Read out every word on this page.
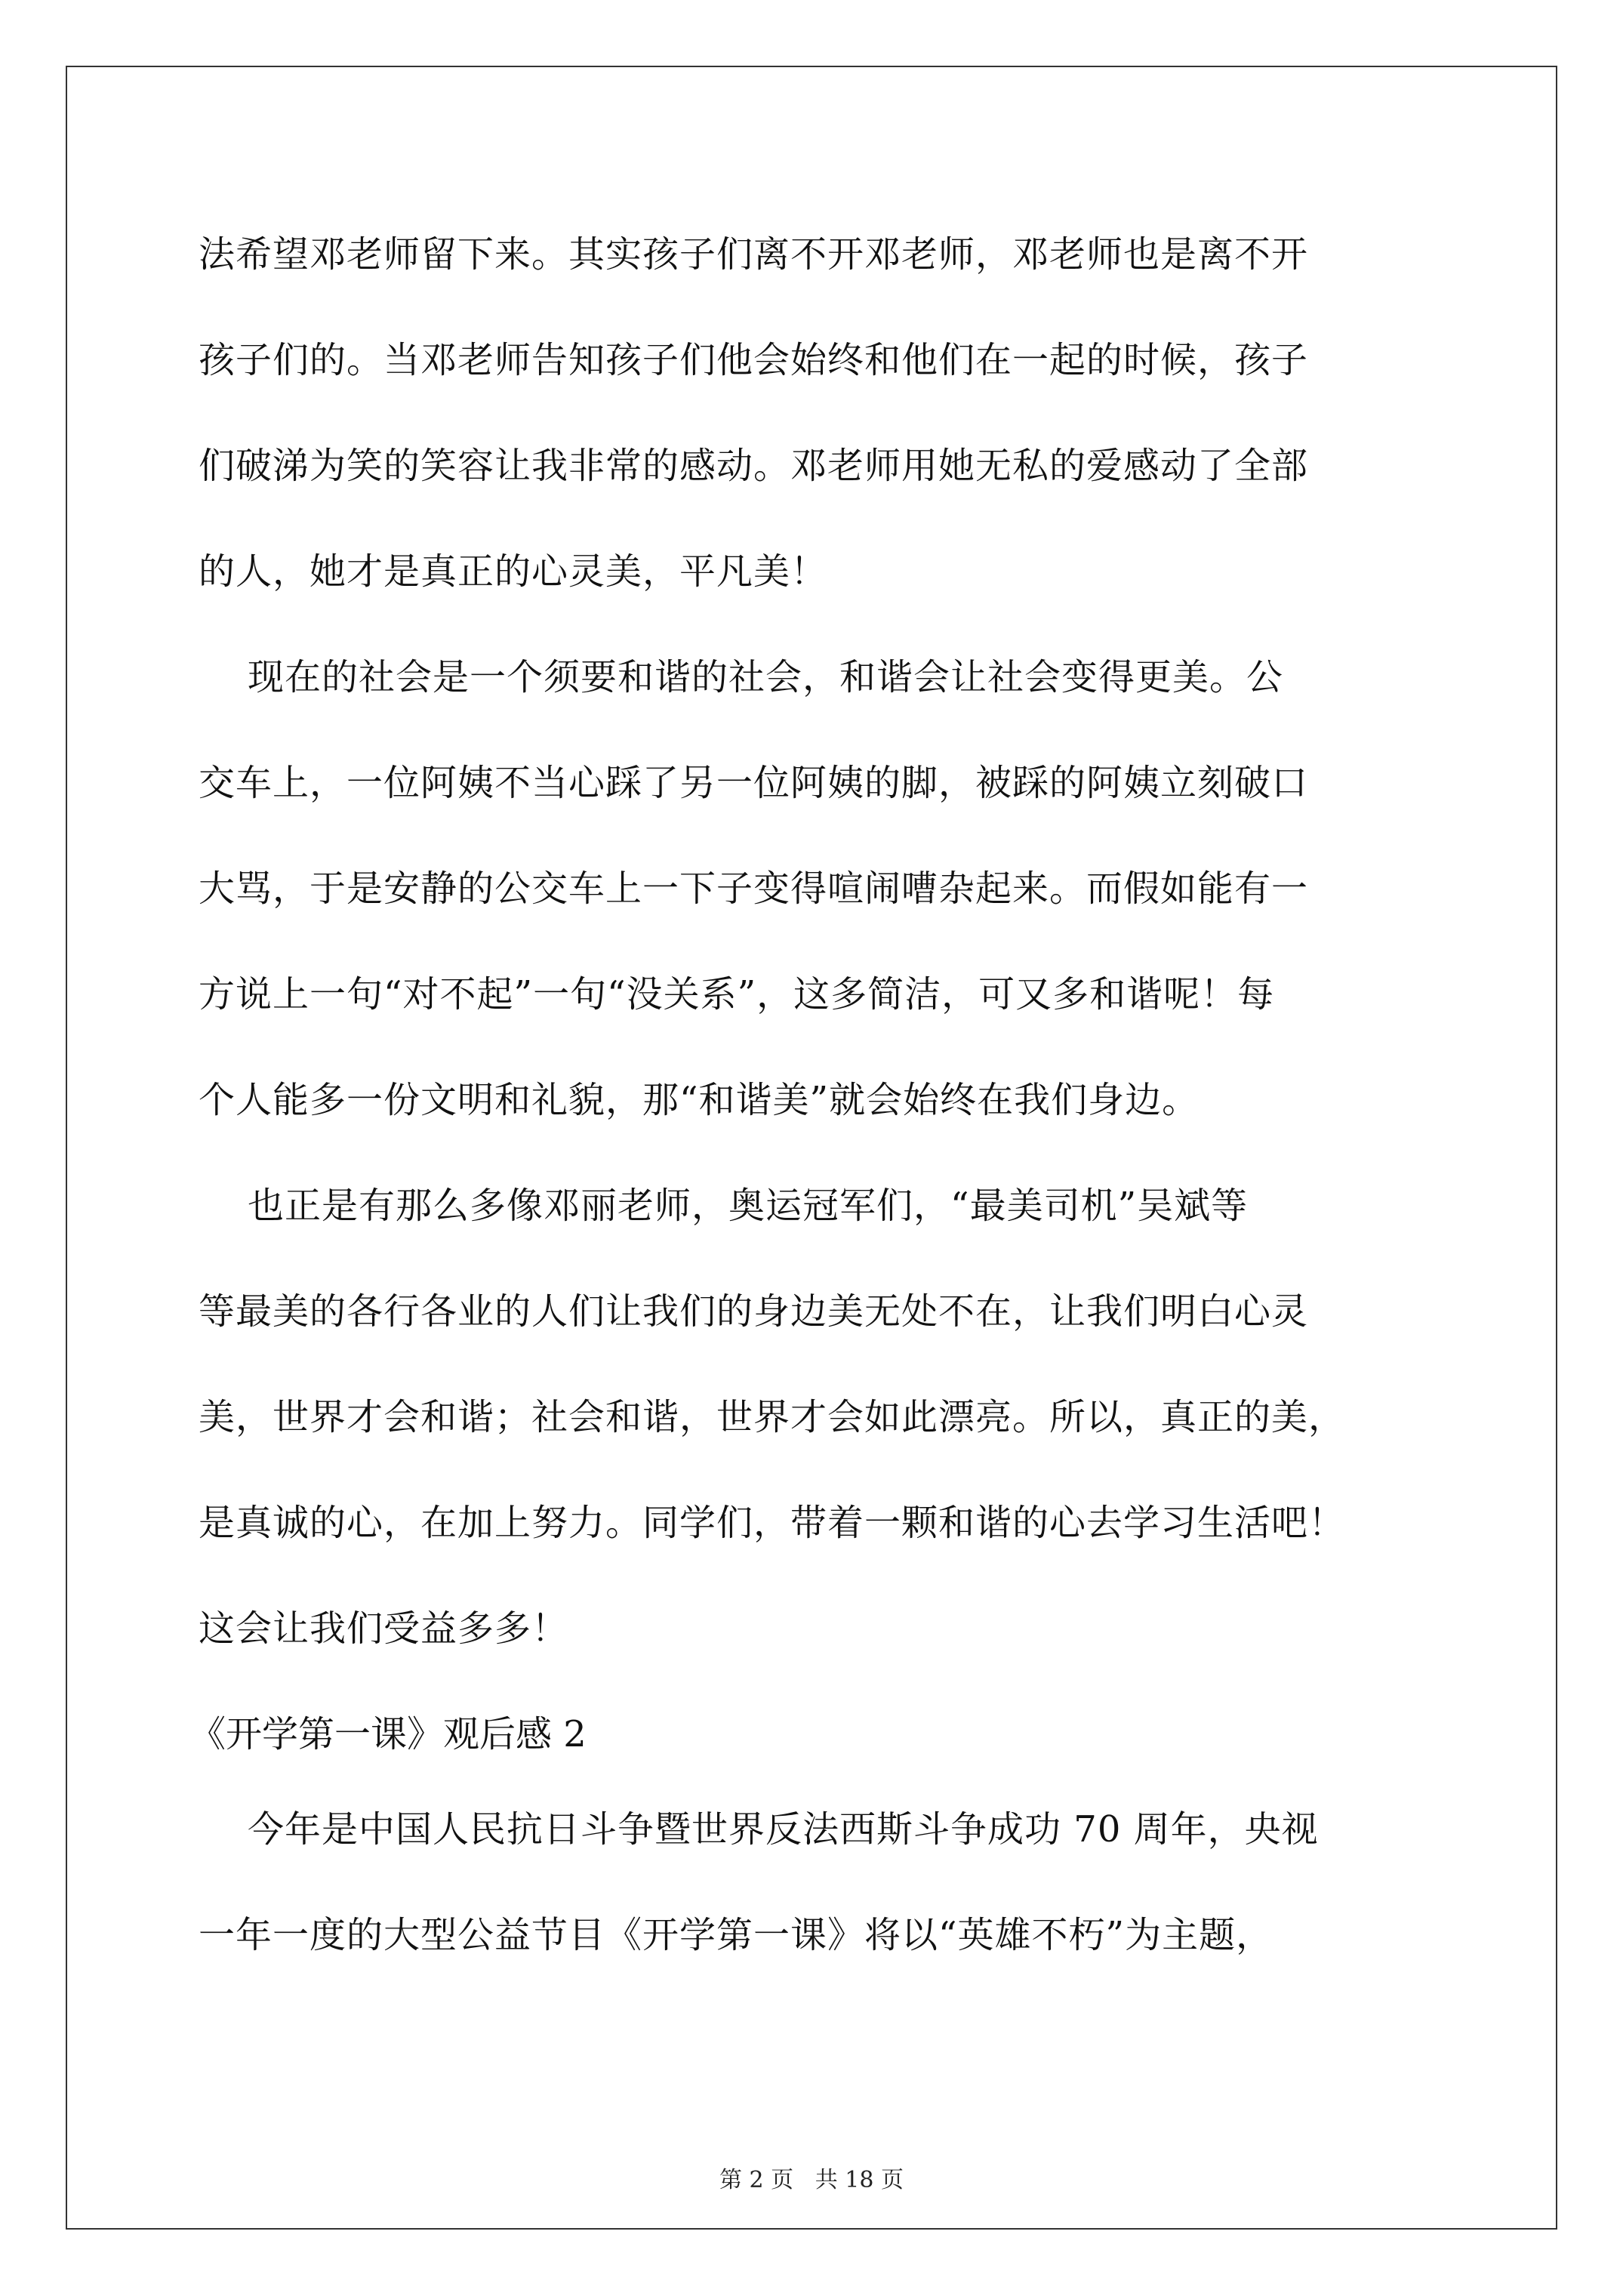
法希望邓老师留下来。其实孩子们离不开邓老师，邓老师也是离不开
孩子们的。当邓老师告知孩子们他会始终和他们在一起的时候，孩子
们破涕为笑的笑容让我非常的感动。邓老师用她无私的爱感动了全部
的人，她才是真正的心灵美，平凡美！
现在的社会是一个须要和谐的社会，和谐会让社会变得更美。公
交车上，一位阿姨不当心踩了另一位阿姨的脚，被踩的阿姨立刻破口
大骂，于是安静的公交车上一下子变得喧闹嘈杂起来。而假如能有一
方说上一句“对不起”一句“没关系”，这多简洁，可又多和谐呢！每
个人能多一份文明和礼貌，那“和谐美”就会始终在我们身边。
也正是有那么多像邓丽老师，奥运冠军们，“最美司机”吴斌等
等最美的各行各业的人们让我们的身边美无处不在，让我们明白心灵
美，世界才会和谐；社会和谐，世界才会如此漂亮。所以，真正的美，
是真诚的心，在加上努力。同学们，带着一颗和谐的心去学习生活吧！
这会让我们受益多多！
《开学第一课》观后感 2
今年是中国人民抗日斗争暨世界反法西斯斗争成功 70 周年，央视
一年一度的大型公益节目《开学第一课》将以“英雄不朽”为主题，
第 2 页 共 18 页
